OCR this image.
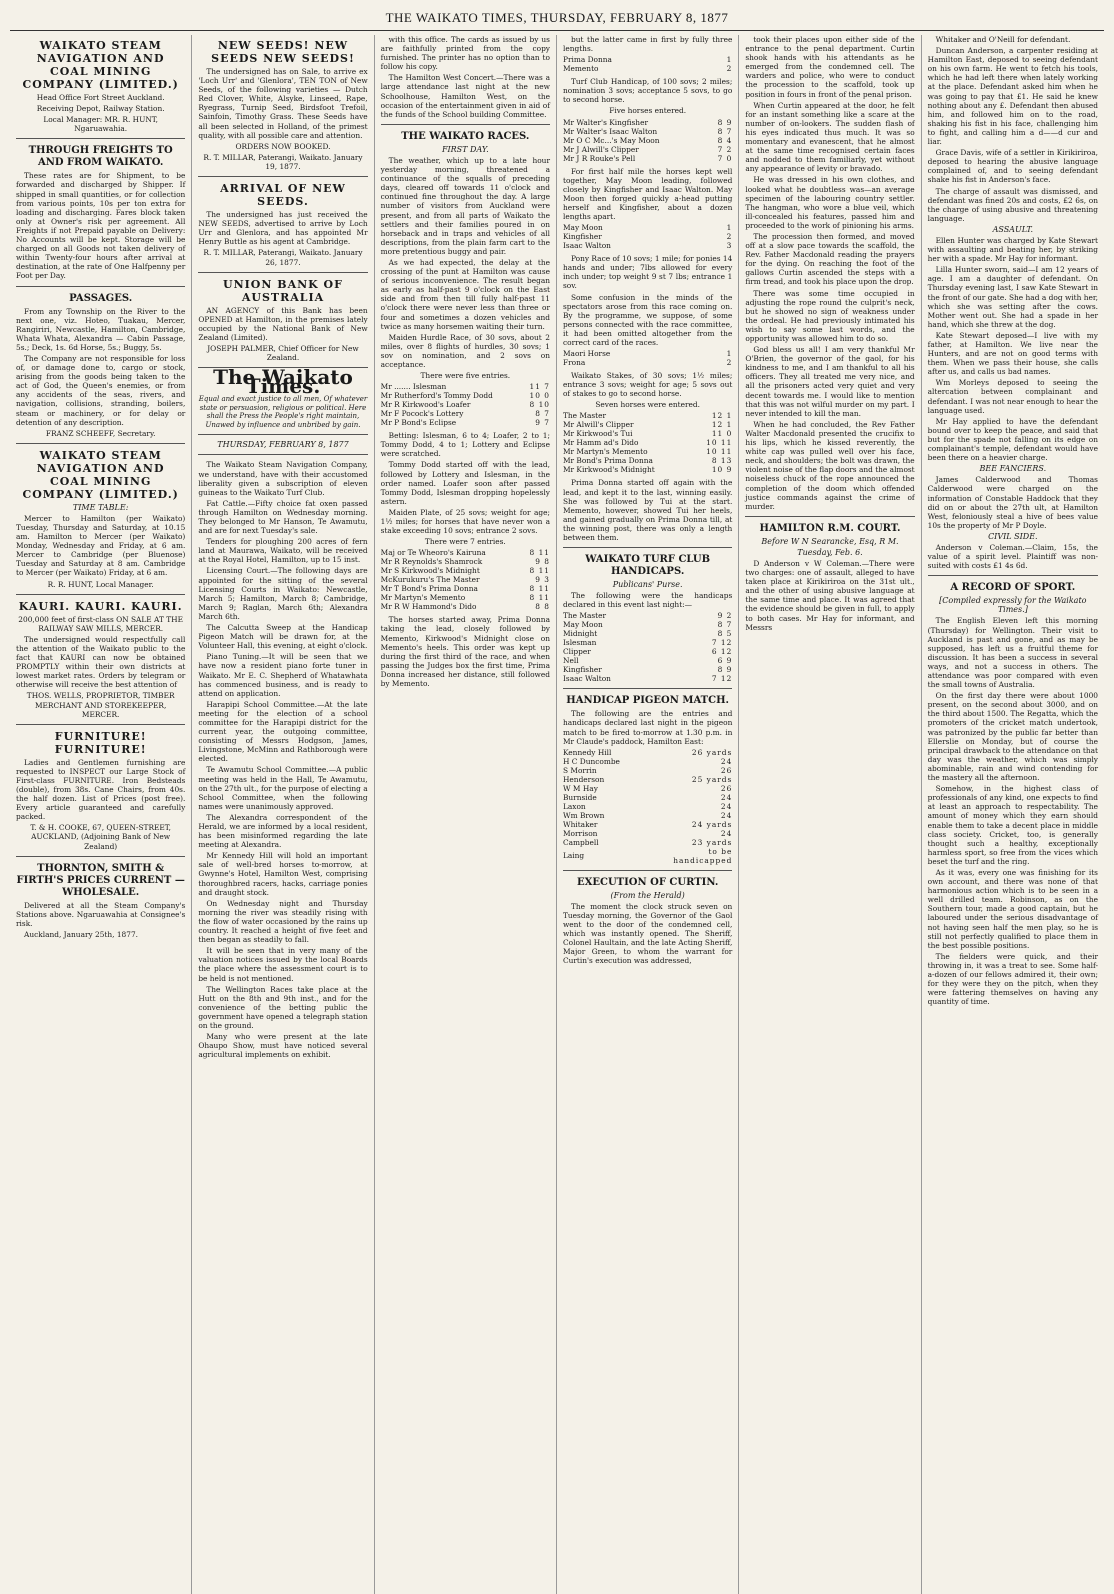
THE WAIKATO TIMES, THURSDAY, FEBRUARY 8, 1877
WAIKATO STEAM NAVIGATION AND COAL MINING COMPANY (LIMITED.)

Head Office Fort Street Auckland.

Receiving Depot, Railway Station.

Local Manager: MR. R. HUNT, Ngaruawahia.

THROUGH FREIGHTS TO AND FROM WAIKATO.

These rates are for Shipment, to be forwarded and discharged by Shipper. If shipped in small quantities, or for collection from various points, 10s per ton extra for loading and discharging. Fares block taken only at Owner's risk per agreement. All Freights if not Prepaid payable on Delivery: No Accounts will be kept. Storage will be charged on all Goods not taken delivery of within Twenty-four hours after arrival at destination, at the rate of One Halfpenny per Foot per Day.

PASSAGES.

From any Township on the River to the next one, viz. Hoteo, Tuakau, Mercer, Rangiriri, Newcastle, Hamilton, Cambridge, Whata Whata, Alexandra — Cabin Passage, 5s.; Deck, 1s. 6d Horse, 5s.; Buggy, 5s.

The Company are not responsible for loss of, or damage done to, cargo or stock, arising from the goods being taken to the act of God, the Queen's enemies, or from any accidents of the seas, rivers, and navigation, collisions, stranding, boilers, steam or machinery, or for delay or detention of any description.

FRANZ SCHEEFF, Secretary.

WAIKATO STEAM NAVIGATION AND COAL MINING COMPANY (LIMITED.)
TIME TABLE:

Mercer to Hamilton (per Waikato) Tuesday, Thursday and Saturday, at 10.15 am. Hamilton to Mercer (per Waikato) Monday, Wednesday and Friday, at 6 am. Mercer to Cambridge (per Bluenose) Tuesday and Saturday at 8 am. Cambridge to Mercer (per Waikato) Friday, at 6 am.

R. R. HUNT, Local Manager.

KAURI. KAURI. KAURI.

200,000 feet of first-class ON SALE AT THE RAILWAY SAW MILLS, MERCER.

The undersigned would respectfully call the attention of the Waikato public to the fact that KAURI can now be obtained PROMPTLY within their own districts at lowest market rates. Orders by telegram or otherwise will receive the best attention of

THOS. WELLS, PROPRIETOR, TIMBER MERCHANT AND STOREKEEPER, MERCER.

FURNITURE! FURNITURE!

Ladies and Gentlemen furnishing are requested to INSPECT our Large Stock of First-class FURNITURE. Iron Bedsteads (double), from 38s. Cane Chairs, from 40s. the half dozen. List of Prices (post free). Every article guaranteed and carefully packed.

T. & H. COOKE, 67, QUEEN-STREET, AUCKLAND, (Adjoining Bank of New Zealand)

THORNTON, SMITH & FIRTH'S PRICES CURRENT — WHOLESALE.

Delivered at all the Steam Company's Stations above. Ngaruawahia at Consignee's risk.

Auckland, January 25th, 1877.

NEW SEEDS! NEW SEEDS NEW SEEDS!

The undersigned has on Sale, to arrive ex 'Loch Urr' and 'Glenlora', TEN TON of New Seeds, of the following varieties — Dutch Red Clover, White, Alsyke, Linseed, Rape, Ryegrass, Turnip Seed, Birdsfoot Trefoil, Sainfoin, Timothy Grass. These Seeds have all been selected in Holland, of the primest quality, with all possible care and attention.

ORDERS NOW BOOKED.

R. T. MILLAR, Paterangi, Waikato. January 19, 1877.

ARRIVAL OF NEW SEEDS.

The undersigned has just received the NEW SEEDS, advertised to arrive by Loch Urr and Glenlora, and has appointed Mr Henry Buttle as his agent at Cambridge.

R. T. MILLAR, Paterangi, Waikato. January 26, 1877.

UNION BANK OF AUSTRALIA

AN AGENCY of this Bank has been OPENED at Hamilton, in the premises lately occupied by the National Bank of New Zealand (Limited).

JOSEPH PALMER, Chief Officer for New Zealand.

The Waikato Times.
Equal and exact justice to all men, Of whatever state or persuasion, religious or political. Here shall the Press the People's right maintain, Unawed by influence and unbribed by gain.
THURSDAY, FEBRUARY 8, 1877

The Waikato Steam Navigation Company, we understand, have with their accustomed liberality given a subscription of eleven guineas to the Waikato Turf Club.

Fat Cattle.—Fifty choice fat oxen passed through Hamilton on Wednesday morning. They belonged to Mr Hanson, Te Awamutu, and are for next Tuesday's sale.

Tenders for ploughing 200 acres of fern land at Maurawa, Waikato, will be received at the Royal Hotel, Hamilton, up to 15 inst.

Licensing Court.—The following days are appointed for the sitting of the several Licensing Courts in Waikato: Newcastle, March 5; Hamilton, March 8; Cambridge, March 9; Raglan, March 6th; Alexandra March 6th.

The Calcutta Sweep at the Handicap Pigeon Match will be drawn for, at the Volunteer Hall, this evening, at eight o'clock.

Piano Tuning.—It will be seen that we have now a resident piano forte tuner in Waikato. Mr E. C. Shepherd of Whatawhata has commenced business, and is ready to attend on application.

Harapipi School Committee.—At the late meeting for the election of a school committee for the Harapipi district for the current year, the outgoing committee, consisting of Messrs Hodgson, James, Livingstone, McMinn and Rathborough were elected.

Te Awamutu School Committee.—A public meeting was held in the Hall, Te Awamutu, on the 27th ult., for the purpose of electing a School Committee, when the following names were unanimously approved.

The Alexandra correspondent of the Herald, we are informed by a local resident, has been misinformed regarding the late meeting at Alexandra.

Mr Kennedy Hill will hold an important sale of well-bred horses to-morrow, at Gwynne's Hotel, Hamilton West, comprising thoroughbred racers, hacks, carriage ponies and draught stock.

On Wednesday night and Thursday morning the river was steadily rising with the flow of water occasioned by the rains up country. It reached a height of five feet and then began as steadily to fall.

It will be seen that in very many of the valuation notices issued by the local Boards the place where the assessment court is to be held is not mentioned.

The Wellington Races take place at the Hutt on the 8th and 9th inst., and for the convenience of the betting public the government have opened a telegraph station on the ground.

Many who were present at the late Ohaupo Show, must have noticed several agricultural implements on exhibit.

with this office. The cards as issued by us are faithfully printed from the copy furnished. The printer has no option than to follow his copy.

The Hamilton West Concert.—There was a large attendance last night at the new Schoolhouse, Hamilton West, on the occasion of the entertainment given in aid of the funds of the School building Committee.

THE WAIKATO RACES.
FIRST DAY.

The weather, which up to a late hour yesterday morning, threatened a continuance of the squalls of preceding days, cleared off towards 11 o'clock and continued fine throughout the day. A large number of visitors from Auckland were present, and from all parts of Waikato the settlers and their families poured in on horseback and in traps and vehicles of all descriptions, from the plain farm cart to the more pretentious buggy and pair.

As we had expected, the delay at the crossing of the punt at Hamilton was cause of serious inconvenience. The result began as early as half-past 9 o'clock on the East side and from then till fully half-past 11 o'clock there were never less than three or four and sometimes a dozen vehicles and twice as many horsemen waiting their turn.

Maiden Hurdle Race, of 30 sovs, about 2 miles, over 8 flights of hurdles, 30 sovs; 1 sov on nomination, and 2 sovs on acceptance.

There were five entries.

Mr ....... Islesman	11 7
Mr Rutherford's Tommy Dodd	10 0
Mr R Kirkwood's Loafer	8 10
Mr F Pocock's Lottery	8 7
Mr P Bond's Eclipse	9 7

Betting: Islesman, 6 to 4; Loafer, 2 to 1; Tommy Dodd, 4 to 1; Lottery and Eclipse were scratched.

Tommy Dodd started off with the lead, followed by Lottery and Islesman, in the order named. Loafer soon after passed Tommy Dodd, Islesman dropping hopelessly astern.

Maiden Plate, of 25 sovs; weight for age; 1½ miles; for horses that have never won a stake exceeding 10 sovs; entrance 2 sovs.

There were 7 entries.

Maj or Te Wheoro's Kairuna	8 11
Mr R Reynolds's Shamrock	9 8
Mr S Kirkwood's Midnight	8 11
McKurukuru's The Master	9 3
Mr T Bond's Prima Donna	8 11
Mr Martyn's Memento	8 11
Mr R W Hammond's Dido	8 8

The horses started away, Prima Donna taking the lead, closely followed by Memento, Kirkwood's Midnight close on Memento's heels. This order was kept up during the first third of the race, and when passing the Judges box the first time, Prima Donna increased her distance, still followed by Memento.

but the latter came in first by fully three lengths.

Prima Donna	1
Memento	2

Turf Club Handicap, of 100 sovs; 2 miles; nomination 3 sovs; acceptance 5 sovs, to go to second horse.

Five horses entered.

Mr Walter's Kingfisher	8 9
Mr Walter's Isaac Walton	8 7
Mr O C Mc...'s May Moon	8 4
Mr J Alwill's Clipper	7 2
Mr J R Rouke's Pell	7 0

For first half mile the horses kept well together, May Moon leading, followed closely by Kingfisher and Isaac Walton. May Moon then forged quickly a-head putting herself and Kingfisher, about a dozen lengths apart.

May Moon	1
Kingfisher	2
Isaac Walton	3

Pony Race of 10 sovs; 1 mile; for ponies 14 hands and under; 7lbs allowed for every inch under; top weight 9 st 7 lbs; entrance 1 sov.

Some confusion in the minds of the spectators arose from this race coming on. By the programme, we suppose, of some persons connected with the race committee, it had been omitted altogether from the correct card of the races.

Maori Horse	1
Frona	2

Waikato Stakes, of 30 sovs; 1½ miles; entrance 3 sovs; weight for age; 5 sovs out of stakes to go to second horse.

Seven horses were entered.

The Master	12 1
Mr Alwill's Clipper	12 1
Mr Kirkwood's Tui	11 0
Mr Hamm ad's Dido	10 11
Mr Martyn's Memento	10 11
Mr Bond's Prima Donna	8 13
Mr Kirkwood's Midnight	10 9

Prima Donna started off again with the lead, and kept it to the last, winning easily. She was followed by Tui at the start. Memento, however, showed Tui her heels, and gained gradually on Prima Donna till, at the winning post, there was only a length between them.

WAIKATO TURF CLUB HANDICAPS.
Publicans' Purse.

The following were the handicaps declared in this event last night:—

The Master	9 2
May Moon	8 7
Midnight	8 5
Islesman	7 12
Clipper	6 12
Nell	6 9
Kingfisher	8 9
Isaac Walton	7 12
HANDICAP PIGEON MATCH.

The following are the entries and handicaps declared last night in the pigeon match to be fired to-morrow at 1.30 p.m. in Mr Claude's paddock, Hamilton East:

Kennedy Hill	26 yards
H C Duncombe	24
S Morrin	26
Henderson	25 yards
W M Hay	26
Burnside	24
Laxon	24
Wm Brown	24
Whitaker	24 yards
Morrison	24
Campbell	23 yards
Laing	to be handicapped
EXECUTION OF CURTIN.
(From the Herald)

The moment the clock struck seven on Tuesday morning, the Governor of the Gaol went to the door of the condemned cell, which was instantly opened. The Sheriff, Colonel Haultain, and the late Acting Sheriff, Major Green, to whom the warrant for Curtin's execution was addressed,

took their places upon either side of the entrance to the penal department. Curtin shook hands with his attendants as he emerged from the condemned cell. The warders and police, who were to conduct the procession to the scaffold, took up position in fours in front of the penal prison.

When Curtin appeared at the door, he felt for an instant something like a scare at the number of on-lookers. The sudden flash of his eyes indicated thus much. It was so momentary and evanescent, that he almost at the same time recognised certain faces and nodded to them familiarly, yet without any appearance of levity or bravado.

He was dressed in his own clothes, and looked what he doubtless was—an average specimen of the labouring country settler. The hangman, who wore a blue veil, which ill-concealed his features, passed him and proceeded to the work of pinioning his arms.

The procession then formed, and moved off at a slow pace towards the scaffold, the Rev. Father Macdonald reading the prayers for the dying. On reaching the foot of the gallows Curtin ascended the steps with a firm tread, and took his place upon the drop.

There was some time occupied in adjusting the rope round the culprit's neck, but he showed no sign of weakness under the ordeal. He had previously intimated his wish to say some last words, and the opportunity was allowed him to do so.

God bless us all! I am very thankful Mr O'Brien, the governor of the gaol, for his kindness to me, and I am thankful to all his officers. They all treated me very nice, and all the prisoners acted very quiet and very decent towards me. I would like to mention that this was not wilful murder on my part. I never intended to kill the man.

When he had concluded, the Rev Father Walter Macdonald presented the crucifix to his lips, which he kissed reverently, the white cap was pulled well over his face, neck, and shoulders; the bolt was drawn, the violent noise of the flap doors and the almost noiseless chuck of the rope announced the completion of the doom which offended justice commands against the crime of murder.

HAMILTON R.M. COURT.
Before W N Searancke, Esq, R M.
Tuesday, Feb. 6.

D Anderson v W Coleman.—There were two charges: one of assault, alleged to have taken place at Kirikiriroa on the 31st ult., and the other of using abusive language at the same time and place. It was agreed that the evidence should be given in full, to apply to both cases. Mr Hay for informant, and Messrs

Whitaker and O'Neill for defendant.

Duncan Anderson, a carpenter residing at Hamilton East, deposed to seeing defendant on his own farm. He went to fetch his tools, which he had left there when lately working at the place. Defendant asked him when he was going to pay that £1. He said he knew nothing about any £. Defendant then abused him, and followed him on to the road, shaking his fist in his face, challenging him to fight, and calling him a d——d cur and liar.

Grace Davis, wife of a settler in Kirikiriroa, deposed to hearing the abusive language complained of, and to seeing defendant shake his fist in Anderson's face.

The charge of assault was dismissed, and defendant was fined 20s and costs, £2 6s, on the charge of using abusive and threatening language.

ASSAULT.

Ellen Hunter was charged by Kate Stewart with assaulting and beating her, by striking her with a spade. Mr Hay for informant.

Lilla Hunter sworn, said—I am 12 years of age. I am a daughter of defendant. On Thursday evening last, I saw Kate Stewart in the front of our gate. She had a dog with her, which she was setting after the cows. Mother went out. She had a spade in her hand, which she threw at the dog.

Kate Stewart deposed—I live with my father, at Hamilton. We live near the Hunters, and are not on good terms with them. When we pass their house, she calls after us, and calls us bad names.

Wm Morleys deposed to seeing the altercation between complainant and defendant. I was not near enough to hear the language used.

Mr Hay applied to have the defendant bound over to keep the peace, and said that but for the spade not falling on its edge on complainant's temple, defendant would have been there on a heavier charge.

BEE FANCIERS.

James Calderwood and Thomas Calderwood were charged on the information of Constable Haddock that they did on or about the 27th ult, at Hamilton West, feloniously steal a hive of bees value 10s the property of Mr P Doyle.

CIVIL SIDE.

Anderson v Coleman.—Claim, 15s, the value of a spirit level. Plaintiff was non-suited with costs £1 4s 6d.

A RECORD OF SPORT.
[Compiled expressly for the Waikato Times.]

The English Eleven left this morning (Thursday) for Wellington. Their visit to Auckland is past and gone, and as may be supposed, has left us a fruitful theme for discussion. It has been a success in several ways, and not a success in others. The attendance was poor compared with even the small towns of Australia.

On the first day there were about 1000 present, on the second about 3000, and on the third about 1500. The Regatta, which the promoters of the cricket match undertook, was patronized by the public far better than Ellerslie on Monday, but of course the principal drawback to the attendance on that day was the weather, which was simply abominable, rain and wind contending for the mastery all the afternoon.

Somehow, in the highest class of professionals of any kind, one expects to find at least an approach to respectability. The amount of money which they earn should enable them to take a decent place in middle class society. Cricket, too, is generally thought such a healthy, exceptionally harmless sport, so free from the vices which beset the turf and the ring.

As it was, every one was finishing for its own account, and there was none of that harmonious action which is to be seen in a well drilled team. Robinson, as on the Southern tour, made a good captain, but he laboured under the serious disadvantage of not having seen half the men play, so he is still not perfectly qualified to place them in the best possible positions.

The fielders were quick, and their throwing in, it was a treat to see. Some half-a-dozen of our fellows admired it, their own; for they were they on the pitch, when they were fattering themselves on having any quantity of time.
